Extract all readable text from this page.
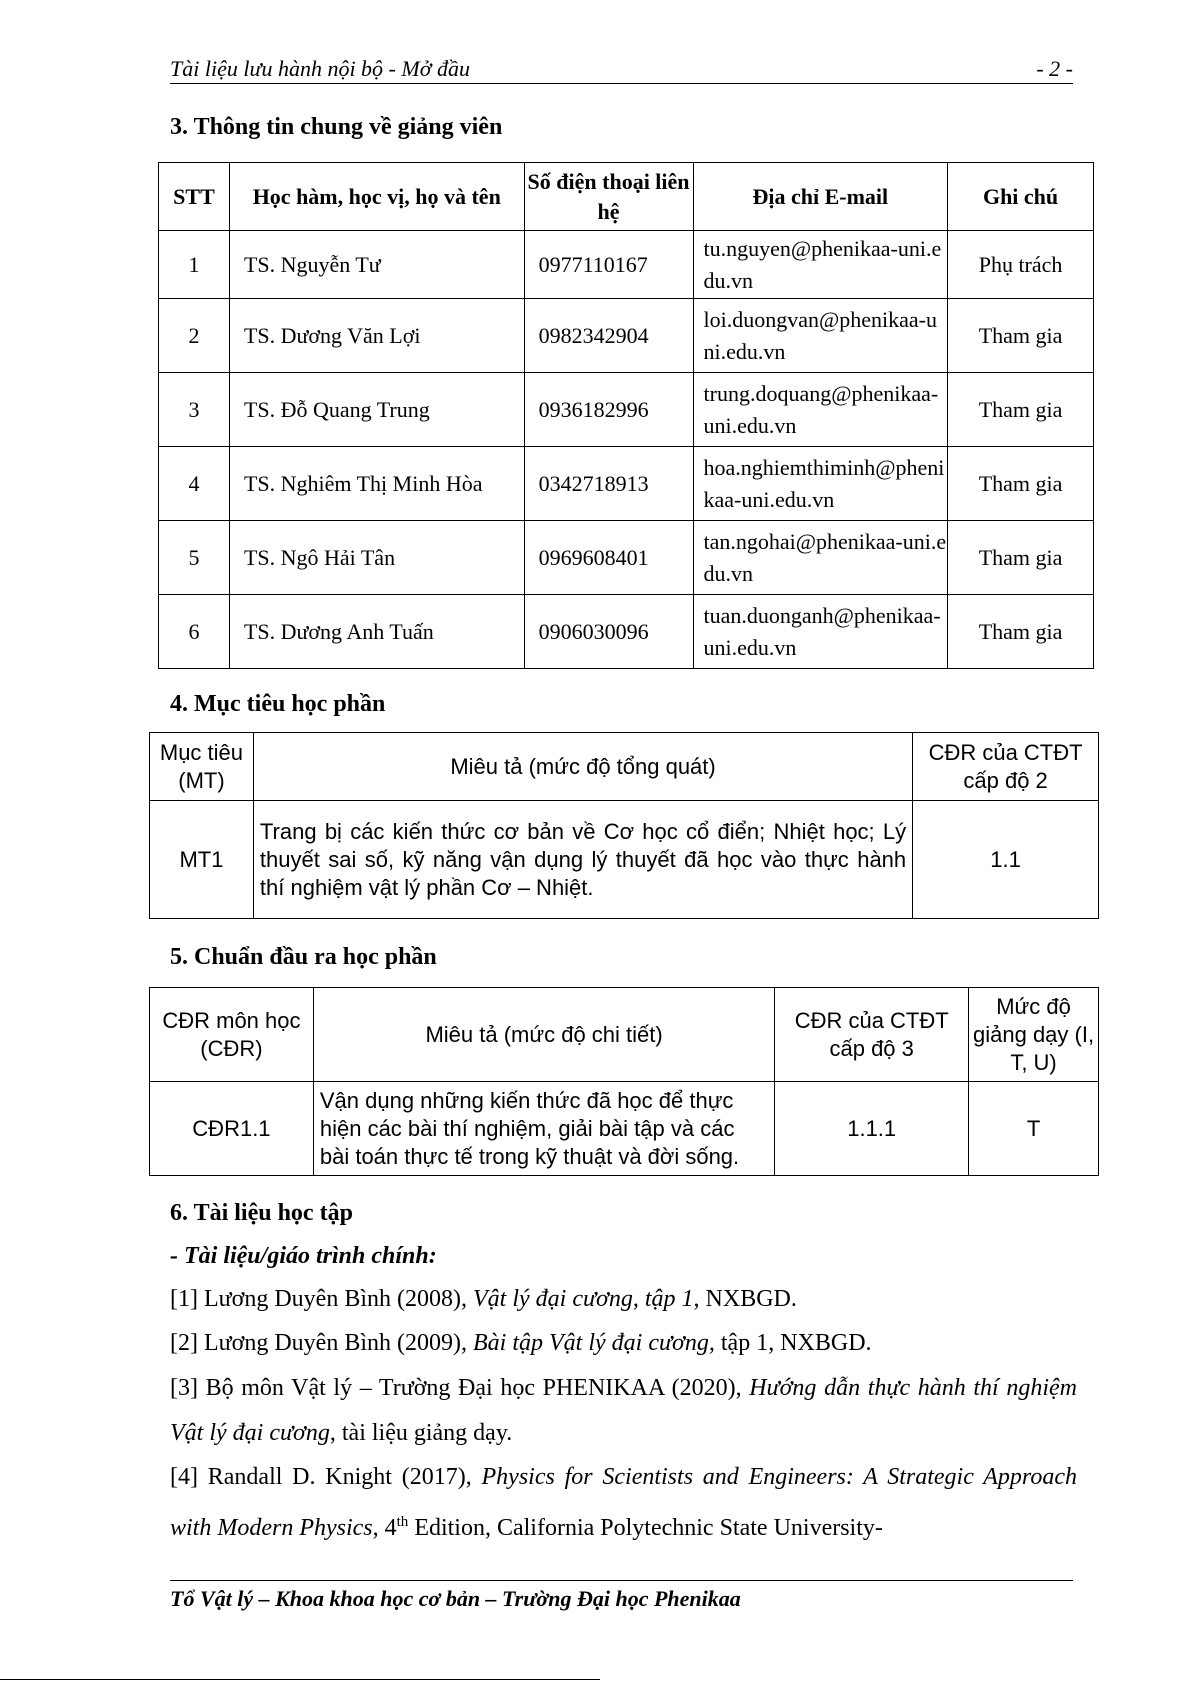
Tài liệu lưu hành nội bộ - Mở đầu	- 2 -
3. Thông tin chung về giảng viên
STT	Học hàm, học vị, họ và tên	Số điện thoại liên hệ	Địa chỉ E-mail	Ghi chú
1	TS. Nguyễn Tư	0977110167	tu.nguyen@phenikaa-uni.edu.vn	Phụ trách
2	TS. Dương Văn Lợi	0982342904	loi.duongvan@phenikaa-uni.edu.vn	Tham gia
3	TS. Đỗ Quang Trung	0936182996	trung.doquang@phenikaa-uni.edu.vn	Tham gia
4	TS. Nghiêm Thị Minh Hòa	0342718913	hoa.nghiemthiminh@phenikaa-uni.edu.vn	Tham gia
5	TS. Ngô Hải Tân	0969608401	tan.ngohai@phenikaa-uni.edu.vn	Tham gia
6	TS. Dương Anh Tuấn	0906030096	tuan.duonganh@phenikaa-uni.edu.vn	Tham gia
4. Mục tiêu học phần
Mục tiêu (MT)	Miêu tả (mức độ tổng quát)	CĐR của CTĐT cấp độ 2
MT1	Trang bị các kiến thức cơ bản về Cơ học cổ điển; Nhiệt học; Lý thuyết sai số, kỹ năng vận dụng lý thuyết đã học vào thực hành thí nghiệm vật lý phần Cơ – Nhiệt.	1.1
5. Chuẩn đầu ra học phần
CĐR môn học (CĐR)	Miêu tả (mức độ chi tiết)	CĐR của CTĐT cấp độ 3	Mức độ giảng dạy (I, T, U)
CĐR1.1	Vận dụng những kiến thức đã học để thực hiện các bài thí nghiệm, giải bài tập và các bài toán thực tế trong kỹ thuật và đời sống.	1.1.1	T
6. Tài liệu học tập
- Tài liệu/giáo trình chính:
[1] Lương Duyên Bình (2008), Vật lý đại cương, tập 1, NXBGD.
[2] Lương Duyên Bình (2009), Bài tập Vật lý đại cương, tập 1, NXBGD.
[3] Bộ môn Vật lý – Trường Đại học PHENIKAA (2020), Hướng dẫn thực hành thí nghiệm Vật lý đại cương, tài liệu giảng dạy.
[4] Randall D. Knight (2017), Physics for Scientists and Engineers: A Strategic Approach with Modern Physics, 4th Edition, California Polytechnic State University-
Tổ Vật lý – Khoa khoa học cơ bản – Trường Đại học Phenikaa
